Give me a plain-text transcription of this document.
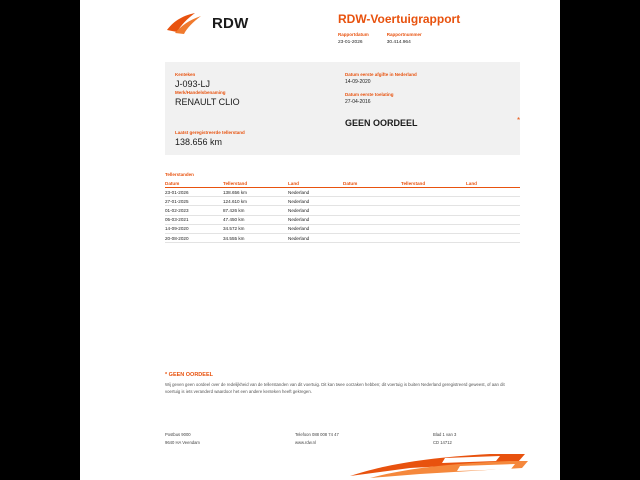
RDW	RDW-Voertuigrapport
Rapportdatum
23-01-2026
Rapportnummer
30.414.964
Kenteken
J-093-LJ
Merk/Handelsbenaming
RENAULT CLIO
Laatst geregistreerde tellerstand
138.656 km
Datum eerste afgifte in Nederland
14-09-2020
Datum eerste toelating
27-04-2016
GEEN OORDEEL	*
Tellerstanden
Datum	Tellerstand	Land	Datum	Tellerstand	Land
23-01-2026	138.656 km	Nederland			
27-01-2025	124.610 km	Nederland			
01-02-2023	87.426 km	Nederland			
05-03-2021	47.450 km	Nederland			
14-09-2020	34.572 km	Nederland			
20-08-2020	34.555 km	Nederland			
* GEEN OORDEEL
Wij geven geen oordeel over de redelijkheid van de tellerstanden van dit voertuig. Dit kan twee oorzaken hebben; dit voertuig is buiten Nederland geregistreerd geweest, of aan dit voertuig is iets veranderd waardoor het een andere kenteken heeft gekregen.
Postbus 9000
9640 HA Veendam
Telefoon 088 008 74 47
www.rdw.nl
Blad 1 van 3
CD 14712
